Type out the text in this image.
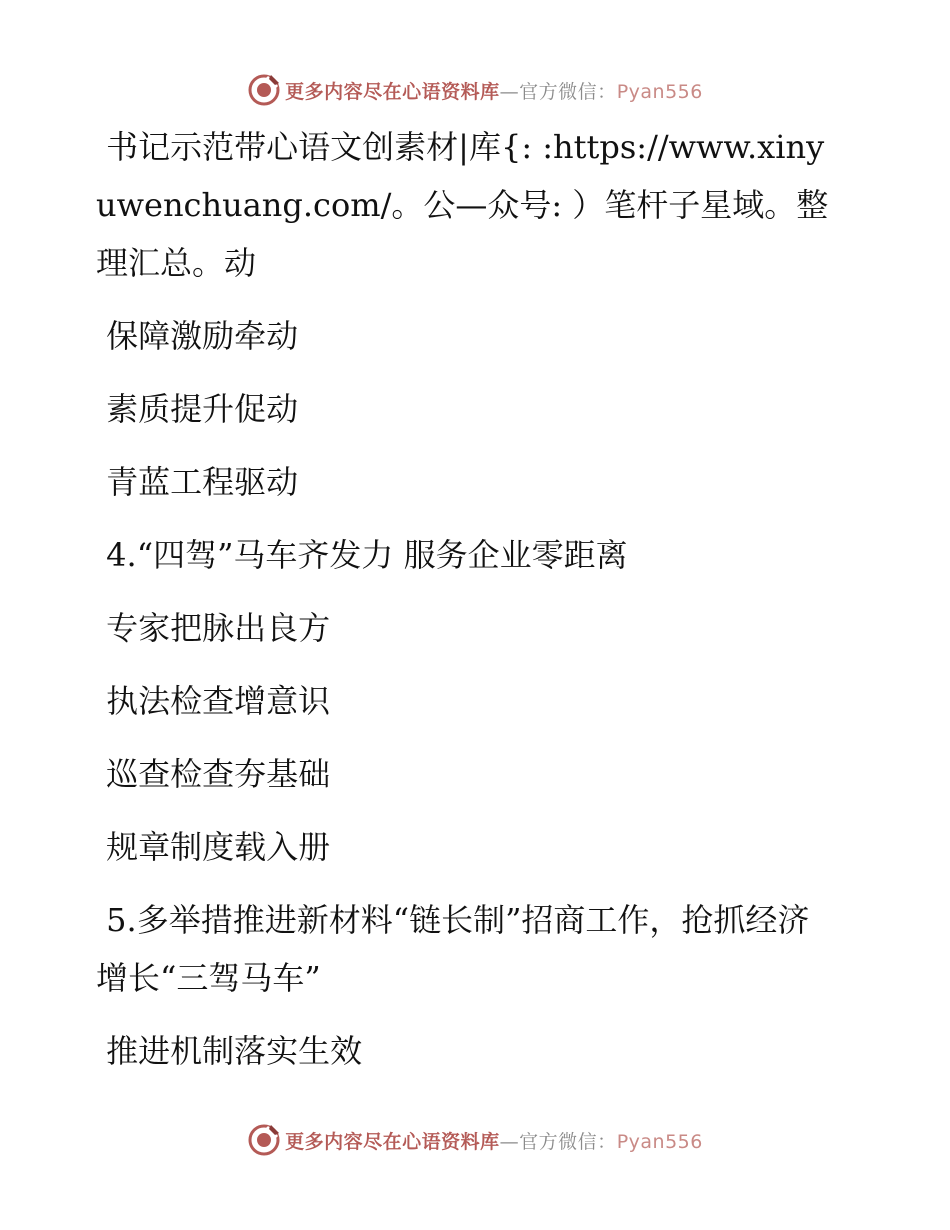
更多内容尽在心语资料库—官方微信：Pyan556

书记示范带心语文创素材|库{: :https://www.xinyuwenchuang.com/。公—众号: ）笔杆子星域。整理汇总。动

保障激励牵动

素质提升促动

青蓝工程驱动

4.“四驾”马车齐发力 服务企业零距离

专家把脉出良方

执法检查增意识

巡查检查夯基础

规章制度载入册

5.多举措推进新材料“链长制”招商工作，抢抓经济增长“三驾马车”

推进机制落实生效

更多内容尽在心语资料库—官方微信：Pyan556
